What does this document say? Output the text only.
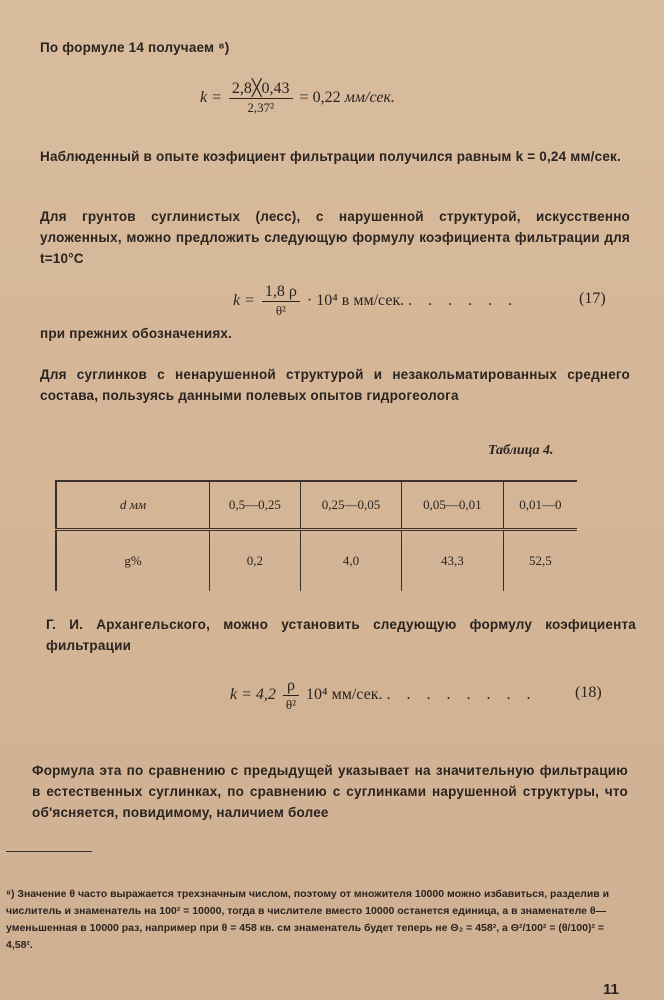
По формуле 14 получаем ⁸)
$k = \frac{2,8╳0,43}{\text{2,37²}} = 0,22$ мм/сек.
Наблюденный в опыте коэфициент фильтрации получился равным k = 0,24 мм/сек.
Для грунтов суглинистых (лесс), с нарушенной структурой, искусственно уложенных, можно предложить следующую формулу коэфициента фильтрации для t=10°C
$k = \frac{1,8 \rho}{\text{θ²}} \cdot 10^4$ в мм/сек. . . . . . .	(17)
при прежних обозначениях.
Для суглинков с ненарушенной структурой и незакольматированных среднего состава, пользуясь данными полевых опытов гидрогеолога
Таблица 4.
d мм	0,5—0,25	0,25—0,05	0,05—0,01	0,01—0
g%	0,2	4,0	43,3	52,5
Г. И. Архангельского, можно установить следующую формулу коэфициента фильтрации
$k = 4,2 \frac{\rho}{\text{θ²}} 10^4$ мм/сек. . . . . . . . .	(18)
Формула эта по сравнению с предыдущей указывает на значительную фильтрацию в естественных суглинках, по сравнению с суглинками нарушенной структуры, что об'ясняется, повидимому, наличием более
⁸) Значение θ часто выражается трехзначным числом, поэтому от множителя 10000 можно избавиться, разделив и числитель и знаменатель на 100² = 10000, тогда в числителе вместо 10000 останется единица, а в знаменателе θ—уменьшенная в 10000 раз, например при θ = 458 кв. см знаменатель будет теперь не Θ₂ = 458², а Θ²/100² = (θ/100)² = 4,58².
11
